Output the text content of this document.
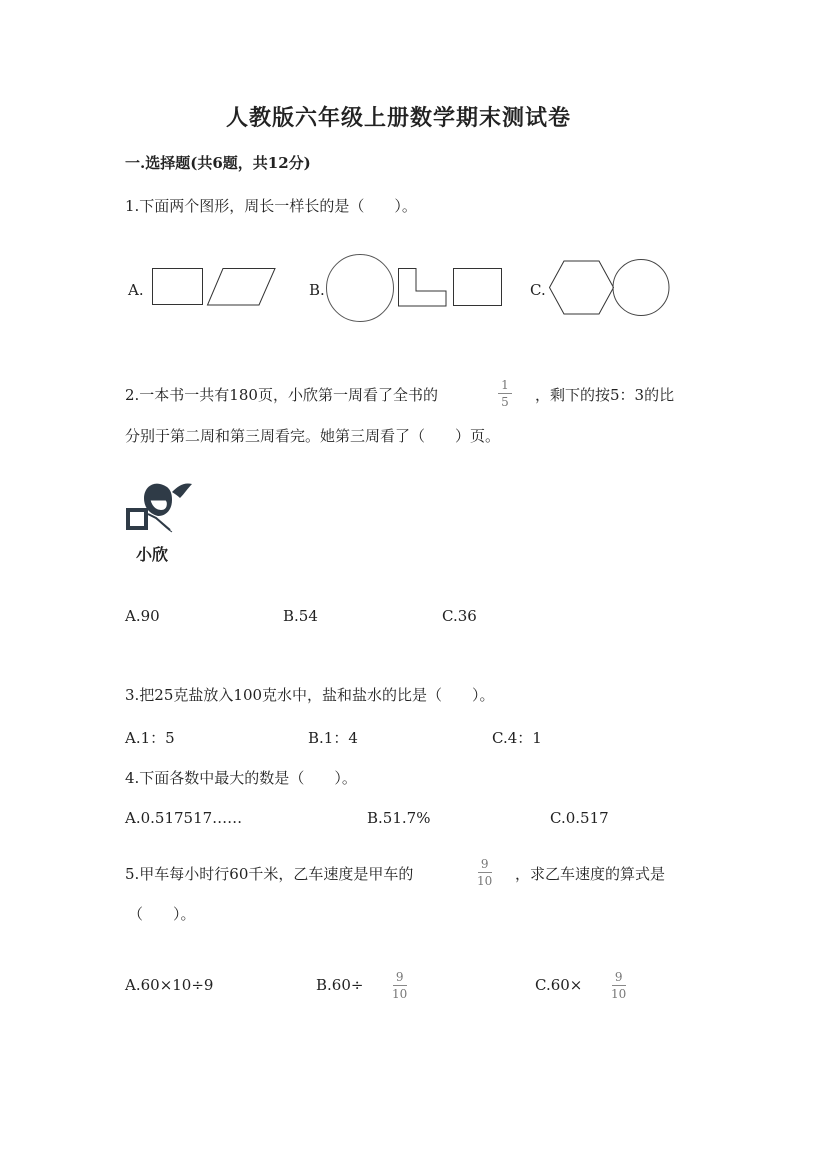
人教版六年级上册数学期末测试卷
一.选择题(共6题，共12分)
1.下面两个图形，周长一样长的是（　　）。
A.	B.	C.
2.一本书一共有180页，小欣第一周看了全书的
1
5 ，剩下的按5：3的比
分别于第二周和第三周看完。她第三周看了（　　）页。
小欣
A.90	B.54	C.36
3.把25克盐放入100克水中，盐和盐水的比是（　　）。
A.1：5	B.1：4	C.4：1
4.下面各数中最大的数是（　　）。
A.0.517517……	B.51.7%	C.0.517
5.甲车每小时行60千米，乙车速度是甲车的
9
10 ，求乙车速度的算式是
（　　）。
A.60×10÷9	B.60÷	9
10	C.60×	9
10
